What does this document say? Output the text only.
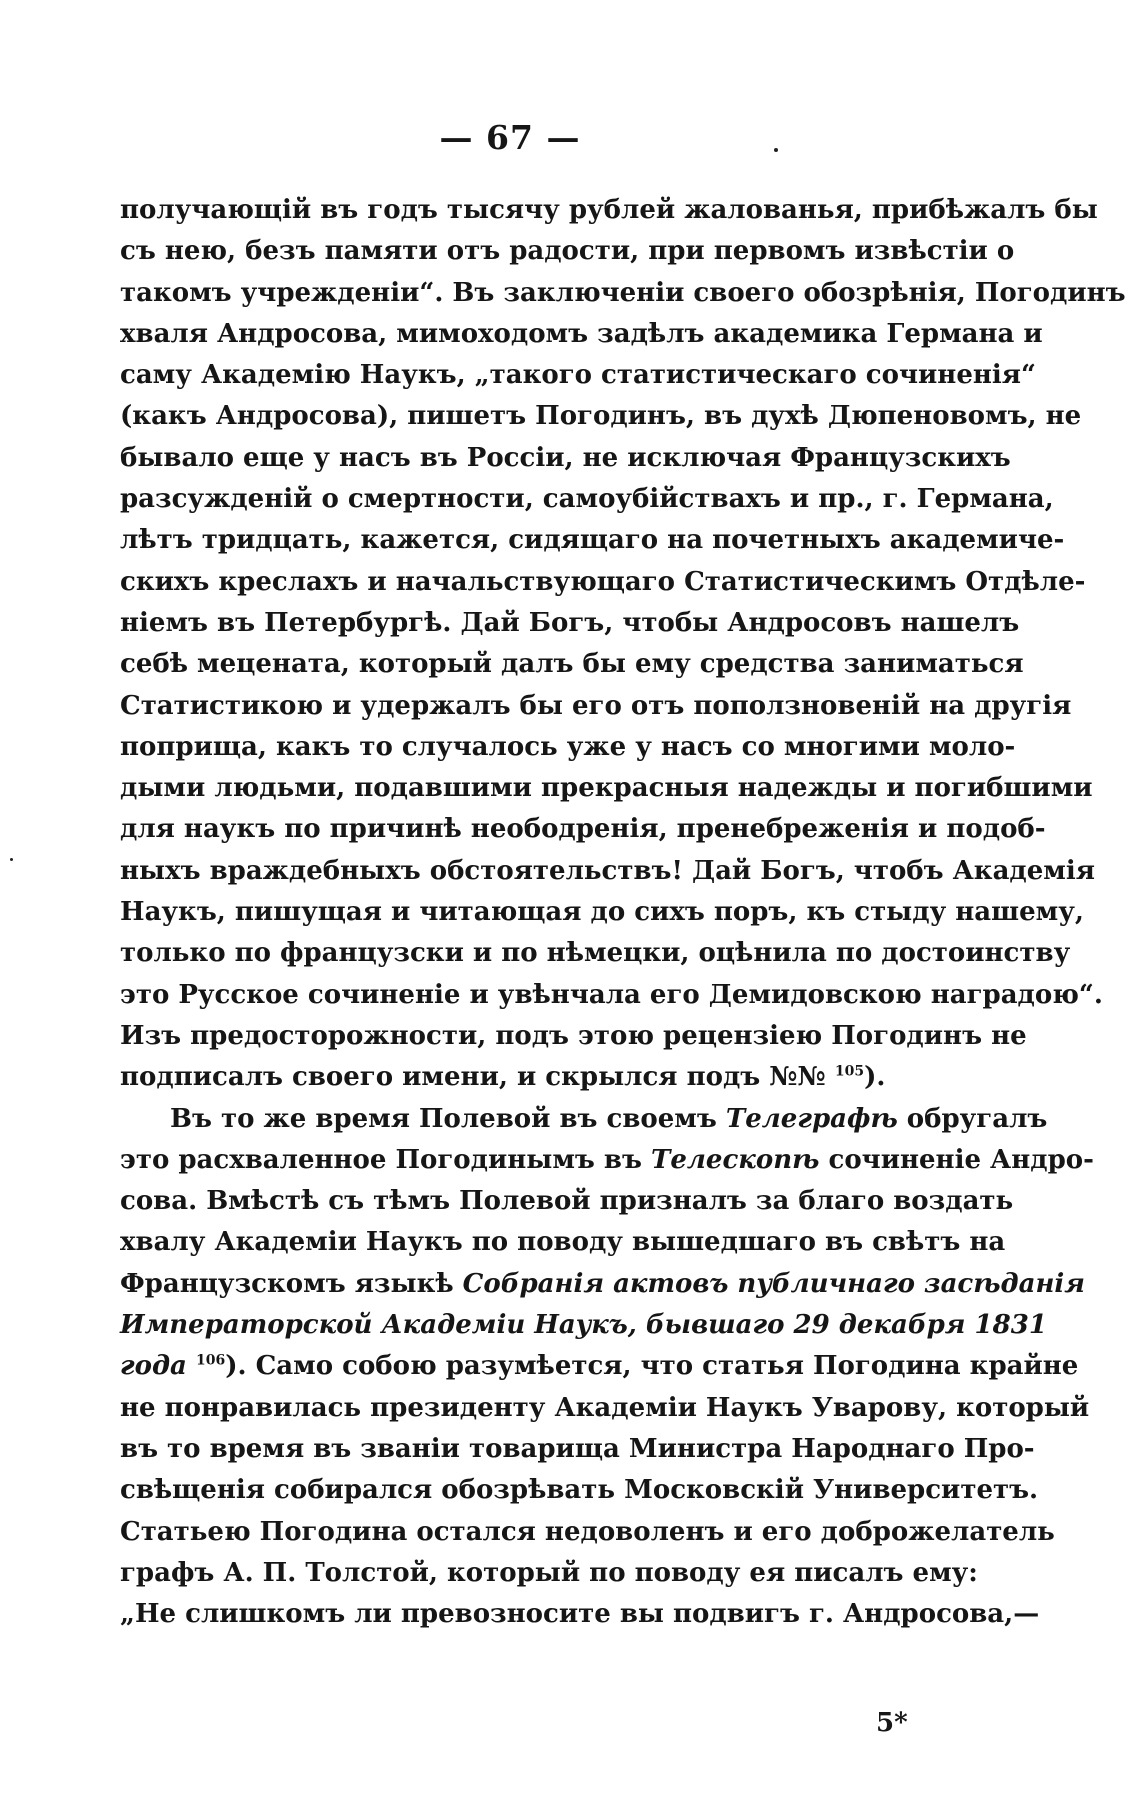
— 67 —
получающій въ годъ тысячу рублей жалованья, прибѣжалъ бы
съ нею, безъ памяти отъ радости, при первомъ извѣстіи о
такомъ учрежденіи“. Въ заключеніи своего обозрѣнія, Погодинъ
хваля Андросова, мимоходомъ задѣлъ академика Германа и
саму Академію Наукъ, „такого статистическаго сочиненія“
(какъ Андросова), пишетъ Погодинъ, въ духѣ Дюпеновомъ, не
бывало еще у насъ въ Россіи, не исключая Французскихъ
разсужденій о смертности, самоубійствахъ и пр., г. Германа,
лѣтъ тридцать, кажется, сидящаго на почетныхъ академиче-
скихъ креслахъ и начальствующаго Статистическимъ Отдѣле-
ніемъ въ Петербургѣ. Дай Богъ, чтобы Андросовъ нашелъ
себѣ мецената, который далъ бы ему средства заниматься
Статистикою и удержалъ бы его отъ поползновеній на другія
поприща, какъ то случалось уже у насъ со многими моло-
дыми людьми, подавшими прекрасныя надежды и погибшими
для наукъ по причинѣ неободренія, пренебреженія и подоб-
ныхъ враждебныхъ обстоятельствъ! Дай Богъ, чтобъ Академія
Наукъ, пишущая и читающая до сихъ поръ, къ стыду нашему,
только по французски и по нѣмецки, оцѣнила по достоинству
это Русское сочиненіе и увѣнчала его Демидовскою наградою“.
Изъ предосторожности, подъ этою рецензіею Погодинъ не
подписалъ своего имени, и скрылся подъ №№ $^{105}$).
Въ то же время Полевой въ своемъ Телеграфѣ обругалъ
это расхваленное Погодинымъ въ Телескопѣ сочиненіе Андро-
сова. Вмѣстѣ съ тѣмъ Полевой призналъ за благо воздать
хвалу Академіи Наукъ по поводу вышедшаго въ свѣтъ на
Французскомъ языкѣ Собранія актовъ публичнаго засѣданія
Императорской Академіи Наукъ, бывшаго 29 декабря 1831
года $^{106}$). Само собою разумѣется, что статья Погодина крайне
не понравилась президенту Академіи Наукъ Уварову, который
въ то время въ званіи товарища Министра Народнаго Про-
свѣщенія собирался обозрѣвать Московскій Университетъ.
Статьею Погодина остался недоволенъ и его доброжелатель
графъ А. П. Толстой, который по поводу ея писалъ ему:
„Не слишкомъ ли превозносите вы подвигъ г. Андросова,—
5*
